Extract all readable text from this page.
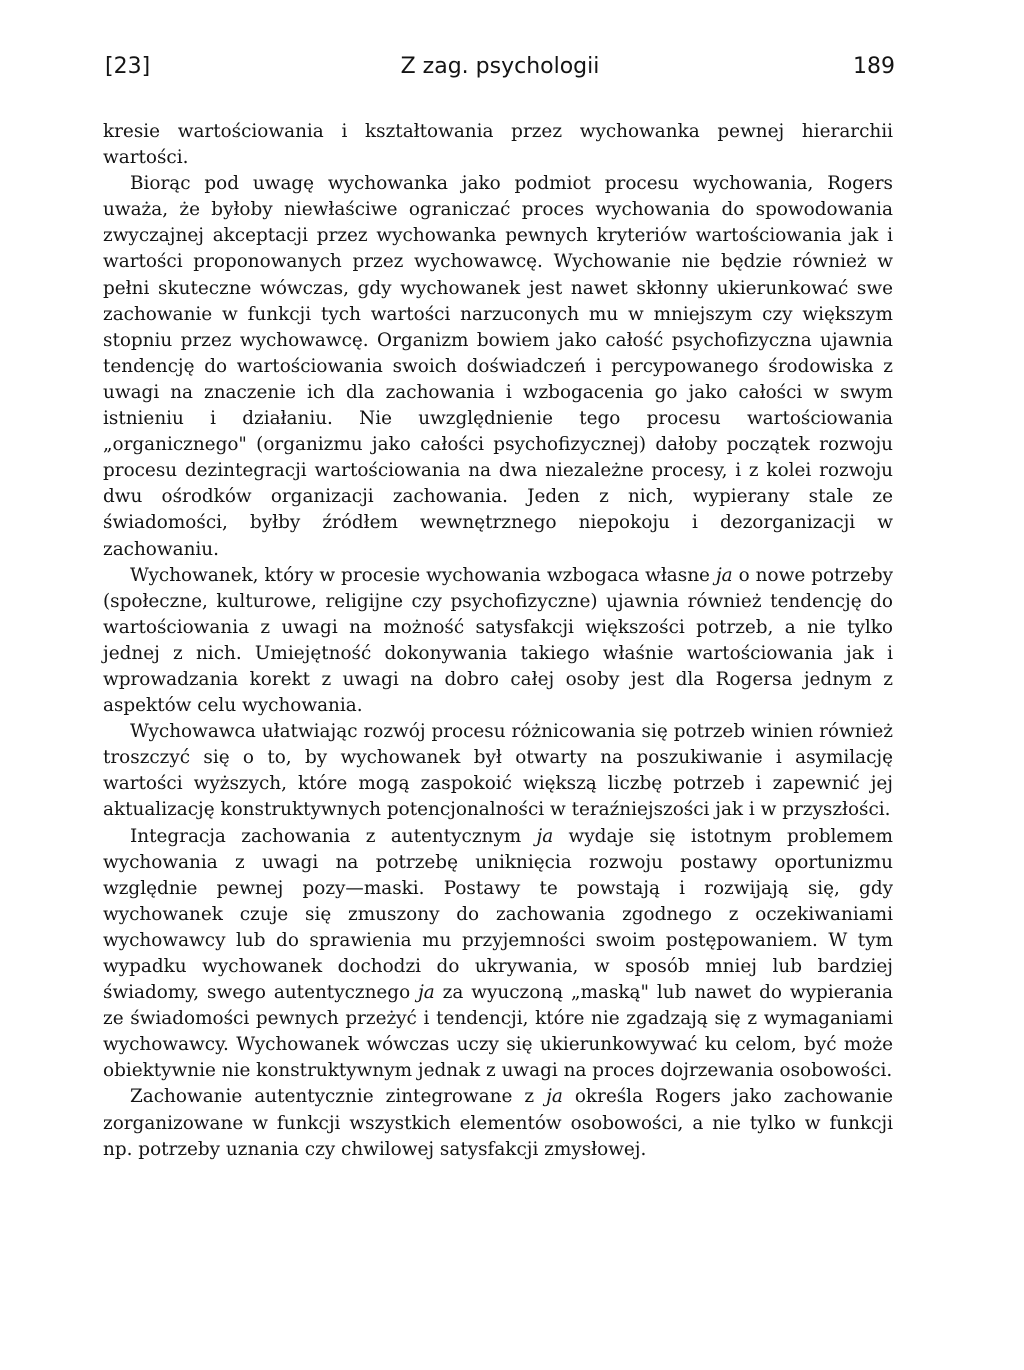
[23]	Z zag. psychologii	189

kresie wartościowania i kształtowania przez wychowanka pewnej hierarchii wartości.

Biorąc pod uwagę wychowanka jako podmiot procesu wychowania, Rogers uważa, że byłoby niewłaściwe ograniczać proces wychowania do spowodowania zwyczajnej akceptacji przez wychowanka pewnych kryteriów wartościowania jak i wartości proponowanych przez wychowawcę. Wychowanie nie będzie również w pełni skuteczne wówczas, gdy wychowanek jest nawet skłonny ukierunkować swe zachowanie w funkcji tych wartości narzuconych mu w mniejszym czy większym stopniu przez wychowawcę. Organizm bowiem jako całość psychofizyczna ujawnia tendencję do wartościowania swoich doświadczeń i percypowanego środowiska z uwagi na znaczenie ich dla zachowania i wzbogacenia go jako całości w swym istnieniu i działaniu. Nie uwzględnienie tego procesu wartościowania „organicznego" (organizmu jako całości psychofizycznej) dałoby początek rozwoju procesu dezintegracji wartościowania na dwa niezależne procesy, i z kolei rozwoju dwu ośrodków organizacji zachowania. Jeden z nich, wypierany stale ze świadomości, byłby źródłem wewnętrznego niepokoju i dezorganizacji w zachowaniu.

Wychowanek, który w procesie wychowania wzbogaca własne ja o nowe potrzeby (społeczne, kulturowe, religijne czy psychofizyczne) ujawnia również tendencję do wartościowania z uwagi na możność satysfakcji większości potrzeb, a nie tylko jednej z nich. Umiejętność dokonywania takiego właśnie wartościowania jak i wprowadzania korekt z uwagi na dobro całej osoby jest dla Rogersa jednym z aspektów celu wychowania.

Wychowawca ułatwiając rozwój procesu różnicowania się potrzeb winien również troszczyć się o to, by wychowanek był otwarty na poszukiwanie i asymilację wartości wyższych, które mogą zaspokoić większą liczbę potrzeb i zapewnić jej aktualizację konstruktywnych potencjonalności w teraźniejszości jak i w przyszłości.

Integracja zachowania z autentycznym ja wydaje się istotnym problemem wychowania z uwagi na potrzebę uniknięcia rozwoju postawy oportunizmu względnie pewnej pozy—maski. Postawy te powstają i rozwijają się, gdy wychowanek czuje się zmuszony do zachowania zgodnego z oczekiwaniami wychowawcy lub do sprawienia mu przyjemności swoim postępowaniem. W tym wypadku wychowanek dochodzi do ukrywania, w sposób mniej lub bardziej świadomy, swego autentycznego ja za wyuczoną „maską" lub nawet do wypierania ze świadomości pewnych przeżyć i tendencji, które nie zgadzają się z wymaganiami wychowawcy. Wychowanek wówczas uczy się ukierunkowywać ku celom, być może obiektywnie nie konstruktywnym jednak z uwagi na proces dojrzewania osobowości.

Zachowanie autentycznie zintegrowane z ja określa Rogers jako zachowanie zorganizowane w funkcji wszystkich elementów osobowości, a nie tylko w funkcji np. potrzeby uznania czy chwilowej satysfakcji zmysłowej.
